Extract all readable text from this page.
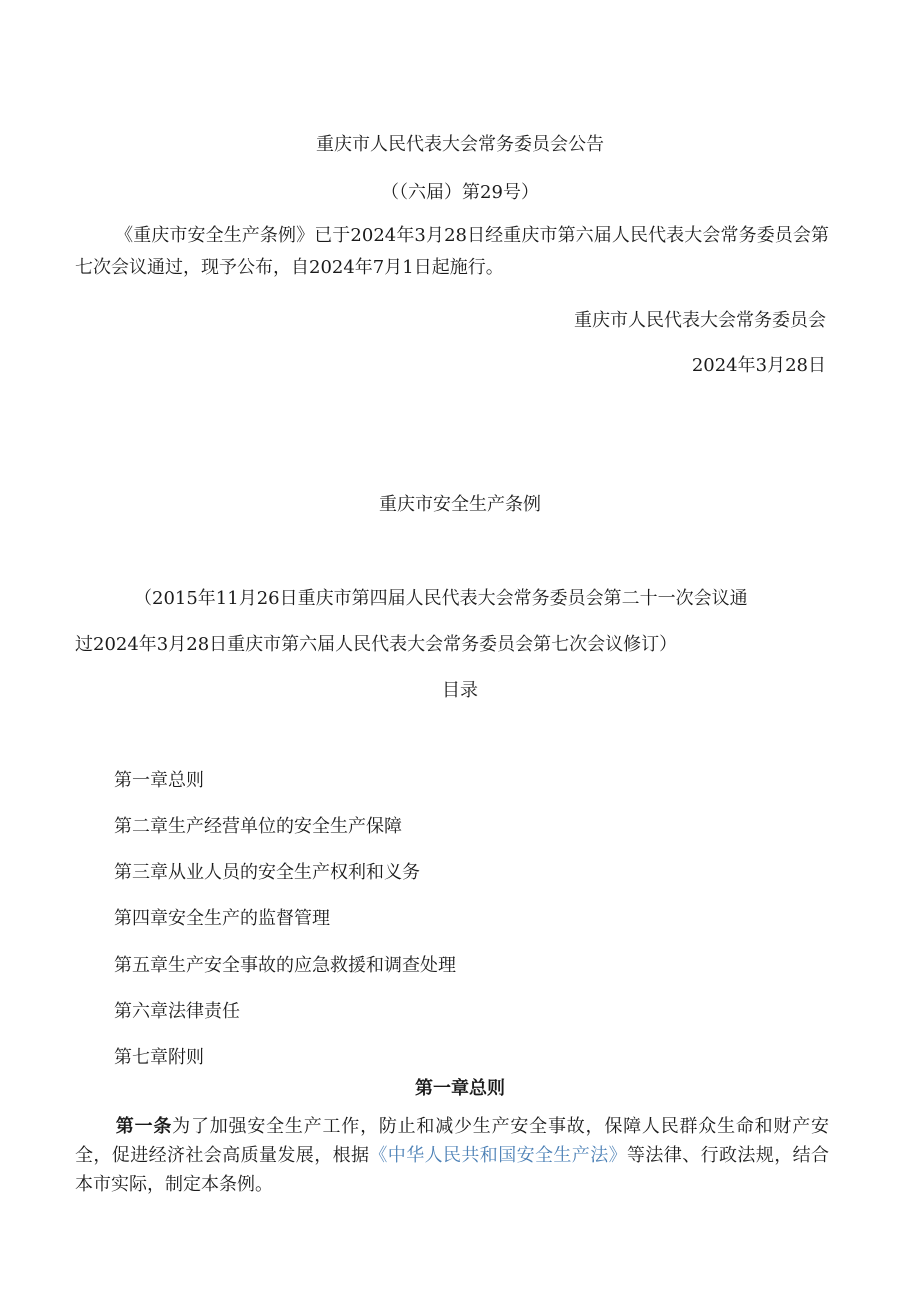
重庆市人民代表大会常务委员会公告
（（六届）第29号）
《重庆市安全生产条例》已于2024年3月28日经重庆市第六届人民代表大会常务委员会第七次会议通过，现予公布，自2024年7月1日起施行。
重庆市人民代表大会常务委员会
2024年3月28日
重庆市安全生产条例
（2015年11月26日重庆市第四届人民代表大会常务委员会第二十一次会议通
过2024年3月28日重庆市第六届人民代表大会常务委员会第七次会议修订）
目录
第一章总则
第二章生产经营单位的安全生产保障
第三章从业人员的安全生产权利和义务
第四章安全生产的监督管理
第五章生产安全事故的应急救援和调查处理
第六章法律责任
第七章附则
第一章总则
第一条为了加强安全生产工作，防止和减少生产安全事故，保障人民群众生命和财产安全，促进经济社会高质量发展，根据《中华人民共和国安全生产法》等法律、行政法规，结合本市实际，制定本条例。
